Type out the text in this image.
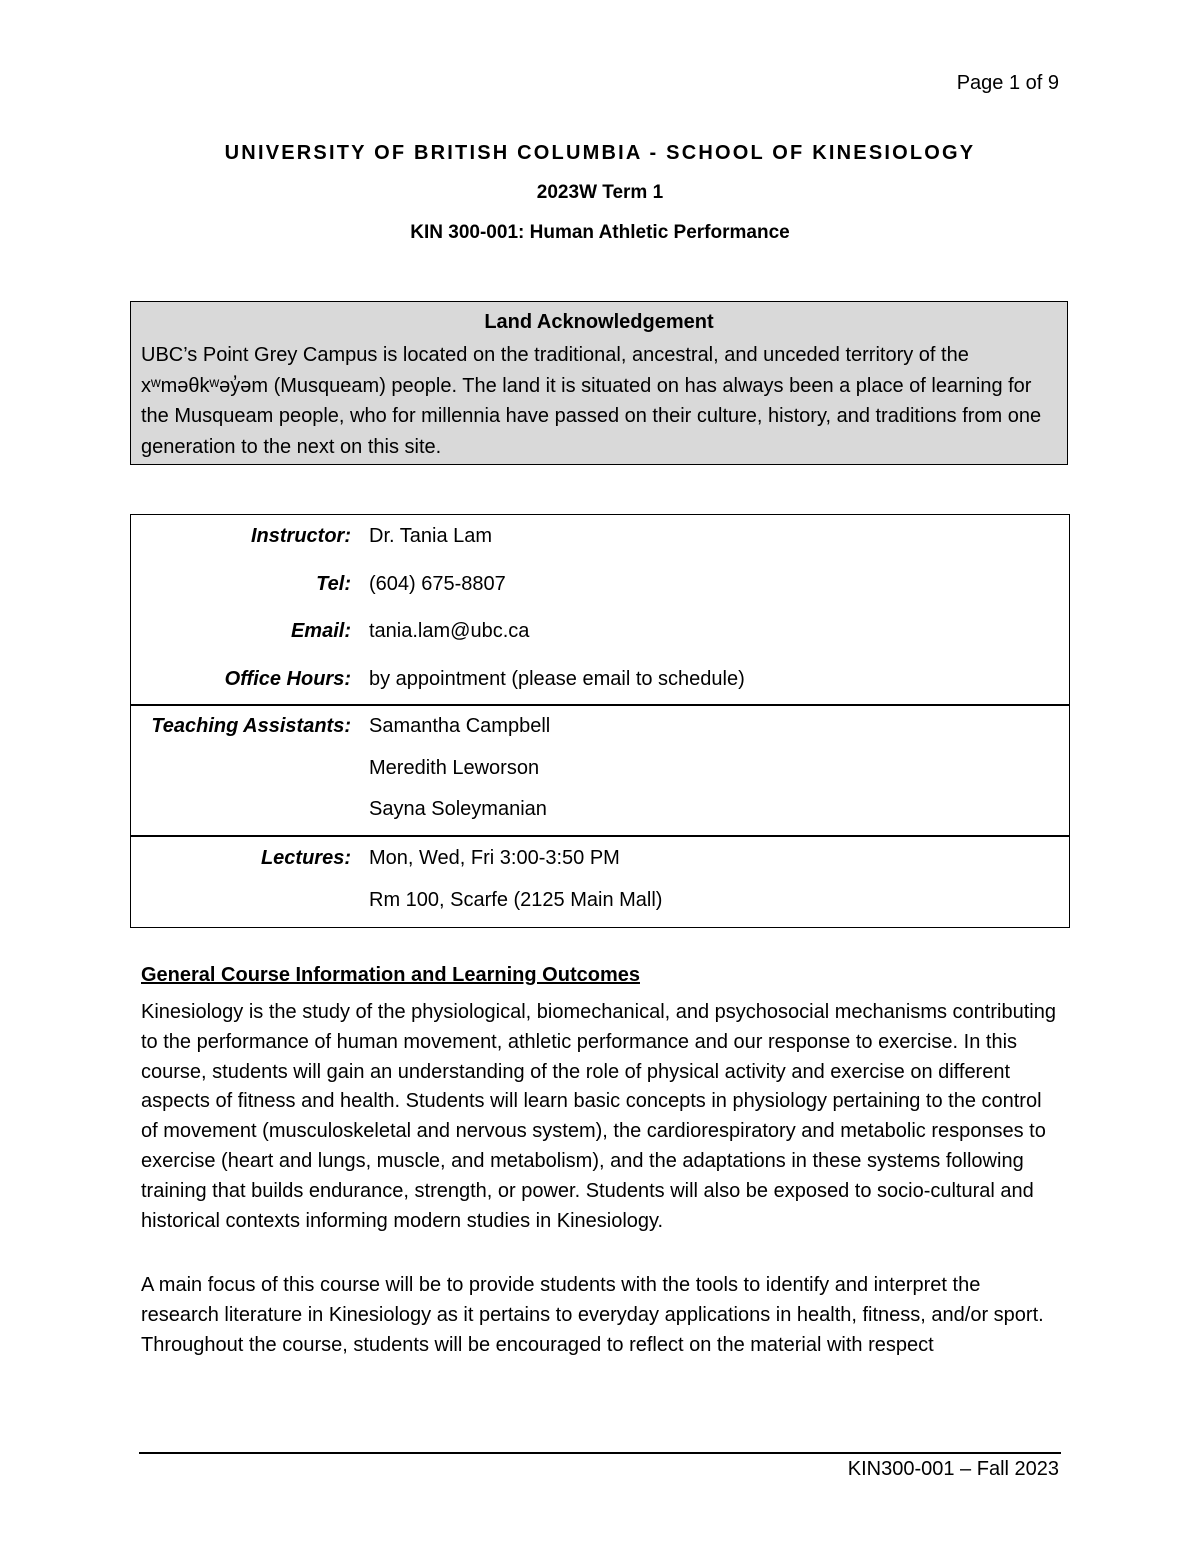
Page 1 of 9
UNIVERSITY OF BRITISH COLUMBIA - SCHOOL OF KINESIOLOGY
2023W Term 1
KIN 300-001: Human Athletic Performance
Land Acknowledgement
UBC’s Point Grey Campus is located on the traditional, ancestral, and unceded territory of the xʷməθkʷəy̓əm (Musqueam) people. The land it is situated on has always been a place of learning for the Musqueam people, who for millennia have passed on their culture, history, and traditions from one generation to the next on this site.
Instructor: Dr. Tania Lam
Tel: (604) 675-8807
Email: tania.lam@ubc.ca
Office Hours: by appointment (please email to schedule)
Teaching Assistants: Samantha Campbell
Meredith Leworson
Sayna Soleymanian
Lectures: Mon, Wed, Fri 3:00-3:50 PM
Rm 100, Scarfe (2125 Main Mall)
General Course Information and Learning Outcomes

Kinesiology is the study of the physiological, biomechanical, and psychosocial mechanisms contributing to the performance of human movement, athletic performance and our response to exercise. In this course, students will gain an understanding of the role of physical activity and exercise on different aspects of fitness and health. Students will learn basic concepts in physiology pertaining to the control of movement (musculoskeletal and nervous system), the cardiorespiratory and metabolic responses to exercise (heart and lungs, muscle, and metabolism), and the adaptations in these systems following training that builds endurance, strength, or power. Students will also be exposed to socio-cultural and historical contexts informing modern studies in Kinesiology.

A main focus of this course will be to provide students with the tools to identify and interpret the research literature in Kinesiology as it pertains to everyday applications in health, fitness, and/or sport. Throughout the course, students will be encouraged to reflect on the material with respect

KIN300-001 – Fall 2023
